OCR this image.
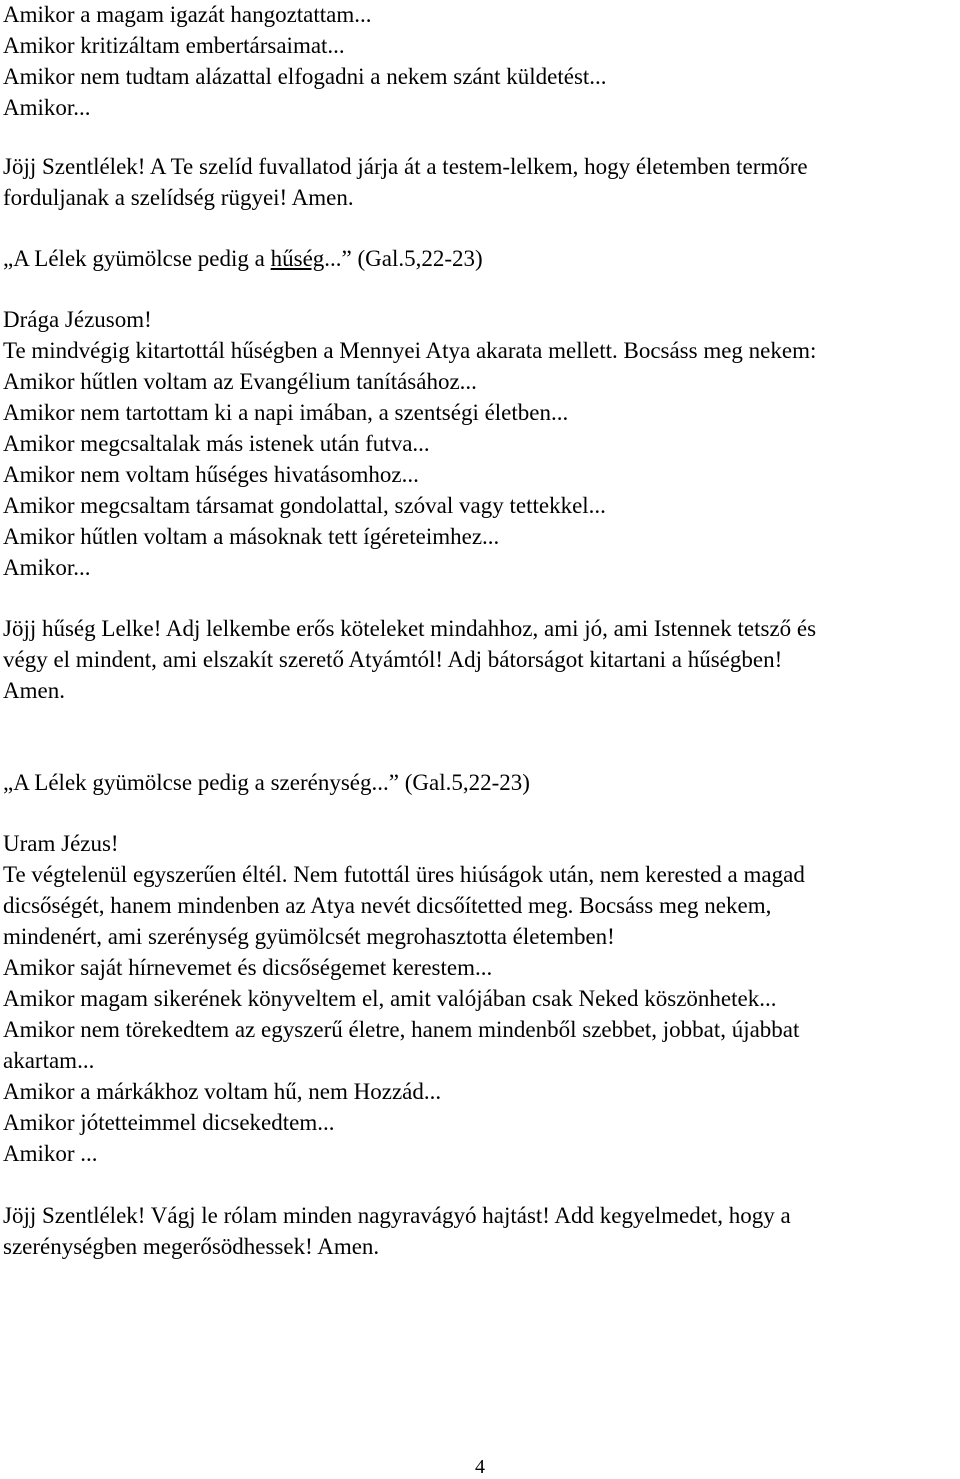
Amikor a magam igazát hangoztattam...
Amikor kritizáltam embertársaimat...
Amikor nem tudtam alázattal elfogadni a nekem szánt küldetést...
Amikor...
Jöjj Szentlélek! A Te szelíd fuvallatod járja át a testem-lelkem, hogy életemben termőre
forduljanak a szelídség rügyei! Amen.
„A Lélek gyümölcse pedig a hűség...” (Gal.5,22-23)
Drága Jézusom!
Te mindvégig kitartottál hűségben a Mennyei Atya akarata mellett. Bocsáss meg nekem:
Amikor hűtlen voltam az Evangélium tanításához...
Amikor nem tartottam ki a napi imában, a szentségi életben...
Amikor megcsaltalak más istenek után futva...
Amikor nem voltam hűséges hivatásomhoz...
Amikor megcsaltam társamat gondolattal, szóval vagy tettekkel...
Amikor hűtlen voltam a másoknak tett ígéreteimhez...
Amikor...
Jöjj hűség Lelke! Adj lelkembe erős köteleket mindahhoz, ami jó, ami Istennek tetsző és
végy el mindent, ami elszakít szerető Atyámtól! Adj bátorságot kitartani a hűségben!
Amen.
„A Lélek gyümölcse pedig a szerénység...” (Gal.5,22-23)
Uram Jézus!
Te végtelenül egyszerűen éltél. Nem futottál üres hiúságok után, nem kerested a magad
dicsőségét, hanem mindenben az Atya nevét dicsőítetted meg. Bocsáss meg nekem,
mindenért, ami szerénység gyümölcsét megrohasztotta életemben!
Amikor saját hírnevemet és dicsőségemet kerestem...
Amikor magam sikerének könyveltem el, amit valójában csak Neked köszönhetek...
Amikor nem törekedtem az egyszerű életre, hanem mindenből szebbet, jobbat, újabbat
akartam...
Amikor a márkákhoz voltam hű, nem Hozzád...
Amikor jótetteimmel dicsekedtem...
Amikor ...
Jöjj Szentlélek! Vágj le rólam minden nagyravágyó hajtást! Add kegyelmedet, hogy a
szerénységben megerősödhessek! Amen.
4
